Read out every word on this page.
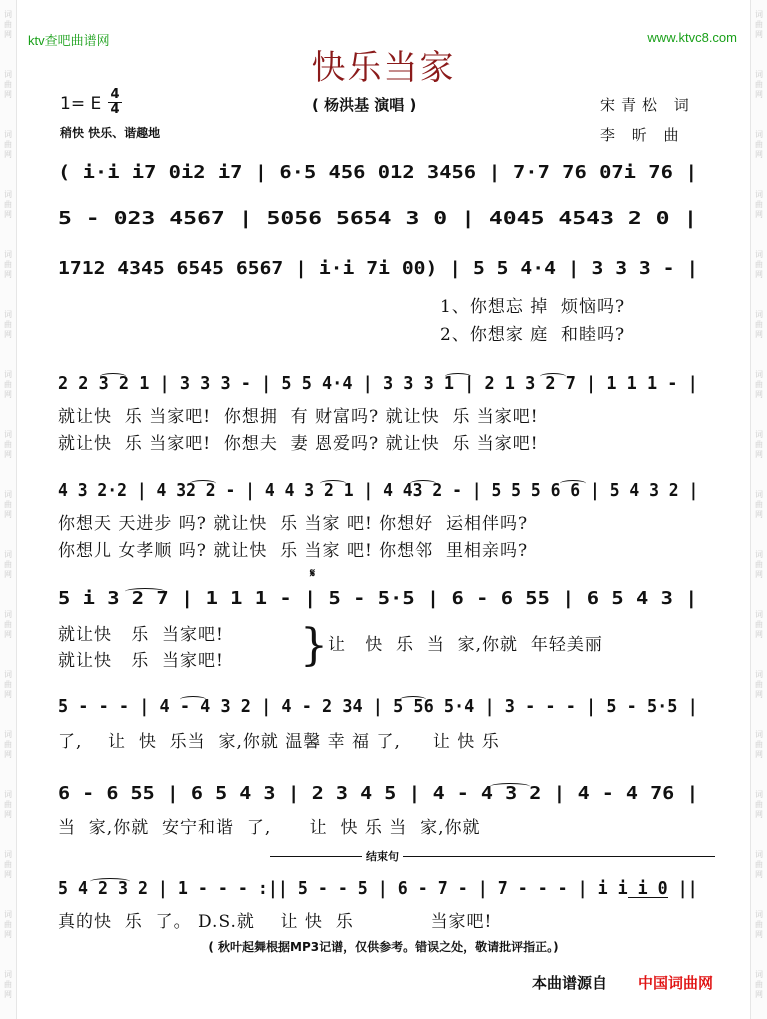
词
曲
网
词
曲
网
词
曲
网
词
曲
网
词
曲
网
词
曲
网
词
曲
网
词
曲
网
词
曲
网
词
曲
网
词
曲
网
词
曲
网
词
曲
网
词
曲
网
词
曲
网
词
曲
网
词
曲
网
词
曲
网
词
曲
网
词
曲
网
词
曲
网
词
曲
网
词
曲
网
词
曲
网
词
曲
网
词
曲
网
词
曲
网
词
曲
网
词
曲
网
词
曲
网
词
曲
网
词
曲
网
词
曲
网
词
曲
网
ktv查吧曲谱网	www.ktvc8.com
快乐当家
1= E 4
4	( 杨洪基 演唱 )
稍快 快乐、谐趣地
宋青松 词
李 昕 曲
( i·i i7 0i2 i7 | 6·5 456 012 3456 | 7·7 76 07i 76 |
5 - 023 4567 | 5056 5654 3 0 | 4045 4543 2 0 |
1712 4345 6545 6567 | i·i 7i 00) | 5 5 4·4 | 3 3 3 - |
1、你想忘 掉  烦恼吗?
2、你想家 庭  和睦吗?
2 2 3 2 1 | 3 3 3 - | 5 5 4·4 | 3 3 3 1 | 2 1 3 2 7 | 1 1 1 - |
就让快  乐 当家吧!  你想拥  有 财富吗? 就让快  乐 当家吧!
就让快  乐 当家吧!  你想夫  妻 恩爱吗? 就让快  乐 当家吧!
4 3 2·2 | 4 32 2 - | 4 4 3 2 1 | 4 43 2 - | 5 5 5 6 6 | 5 4 3 2 |
你想天 天进步 吗? 就让快  乐 当家 吧! 你想好  运相伴吗?
你想儿 女孝顺 吗? 就让快  乐 当家 吧! 你想邻  里相亲吗?
𝄋
5 i 3 2 7 | 1 1 1 - | 5 - 5·5 | 6 - 6 55 | 6 5 4 3 |
就让快   乐  当家吧!
就让快   乐  当家吧! } 让   快  乐  当  家,你就  年轻美丽
5 - - - | 4 - 4 3 2 | 4 - 2 34 | 5 56 5·4 | 3 - - - | 5 - 5·5 |
了,    让  快  乐当  家,你就 温馨 幸 福 了,     让 快 乐
6 - 6 55 | 6 5 4 3 | 2 3 4 5 | 4 - 4 3 2 | 4 - 4 76 |
当  家,你就  安宁和谐  了,      让  快 乐 当  家,你就
结束句
5 4 2 3 2 | 1 - - - :|| 5 - - 5 | 6 - 7 - | 7 - - - | i i i 0 ||
真的快  乐  了。 D.S.就    让 快  乐            当家吧!
( 秋叶起舞根据MP3记谱，仅供参考。错误之处，敬请批评指正。)
本曲谱源自 中国词曲网
